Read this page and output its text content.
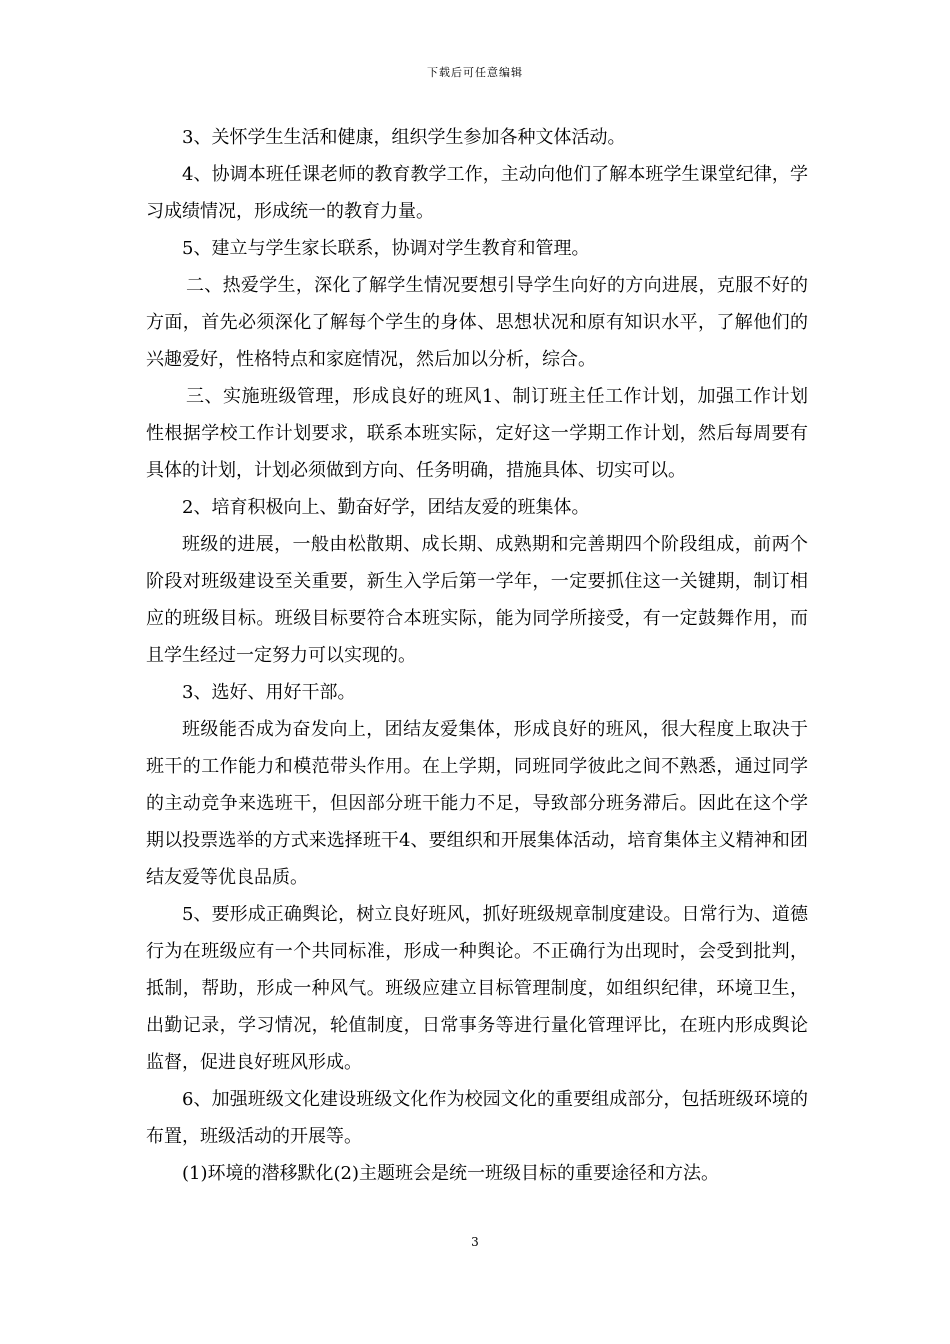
下载后可任意编辑

3、关怀学生生活和健康，组织学生参加各种文体活动。

4、协调本班任课老师的教育教学工作，主动向他们了解本班学生课堂纪律，学习成绩情况，形成统一的教育力量。

5、建立与学生家长联系，协调对学生教育和管理。

二、热爱学生，深化了解学生情况要想引导学生向好的方向进展，克服不好的方面，首先必须深化了解每个学生的身体、思想状况和原有知识水平，了解他们的兴趣爱好，性格特点和家庭情况，然后加以分析，综合。

三、实施班级管理，形成良好的班风1、制订班主任工作计划，加强工作计划性根据学校工作计划要求，联系本班实际，定好这一学期工作计划，然后每周要有具体的计划，计划必须做到方向、任务明确，措施具体、切实可以。

2、培育积极向上、勤奋好学，团结友爱的班集体。

班级的进展，一般由松散期、成长期、成熟期和完善期四个阶段组成，前两个阶段对班级建设至关重要，新生入学后第一学年，一定要抓住这一关键期，制订相应的班级目标。班级目标要符合本班实际，能为同学所接受，有一定鼓舞作用，而且学生经过一定努力可以实现的。

3、选好、用好干部。

班级能否成为奋发向上，团结友爱集体，形成良好的班风，很大程度上取决于班干的工作能力和模范带头作用。在上学期，同班同学彼此之间不熟悉，通过同学的主动竞争来选班干，但因部分班干能力不足，导致部分班务滞后。因此在这个学期以投票选举的方式来选择班干4、要组织和开展集体活动，培育集体主义精神和团结友爱等优良品质。

5、要形成正确舆论，树立良好班风，抓好班级规章制度建设。日常行为、道德行为在班级应有一个共同标准，形成一种舆论。不正确行为出现时，会受到批判，抵制，帮助，形成一种风气。班级应建立目标管理制度，如组织纪律，环境卫生，出勤记录，学习情况，轮值制度，日常事务等进行量化管理评比，在班内形成舆论监督，促进良好班风形成。

6、加强班级文化建设班级文化作为校园文化的重要组成部分，包括班级环境的布置，班级活动的开展等。

(1)环境的潜移默化(2)主题班会是统一班级目标的重要途径和方法。

3
